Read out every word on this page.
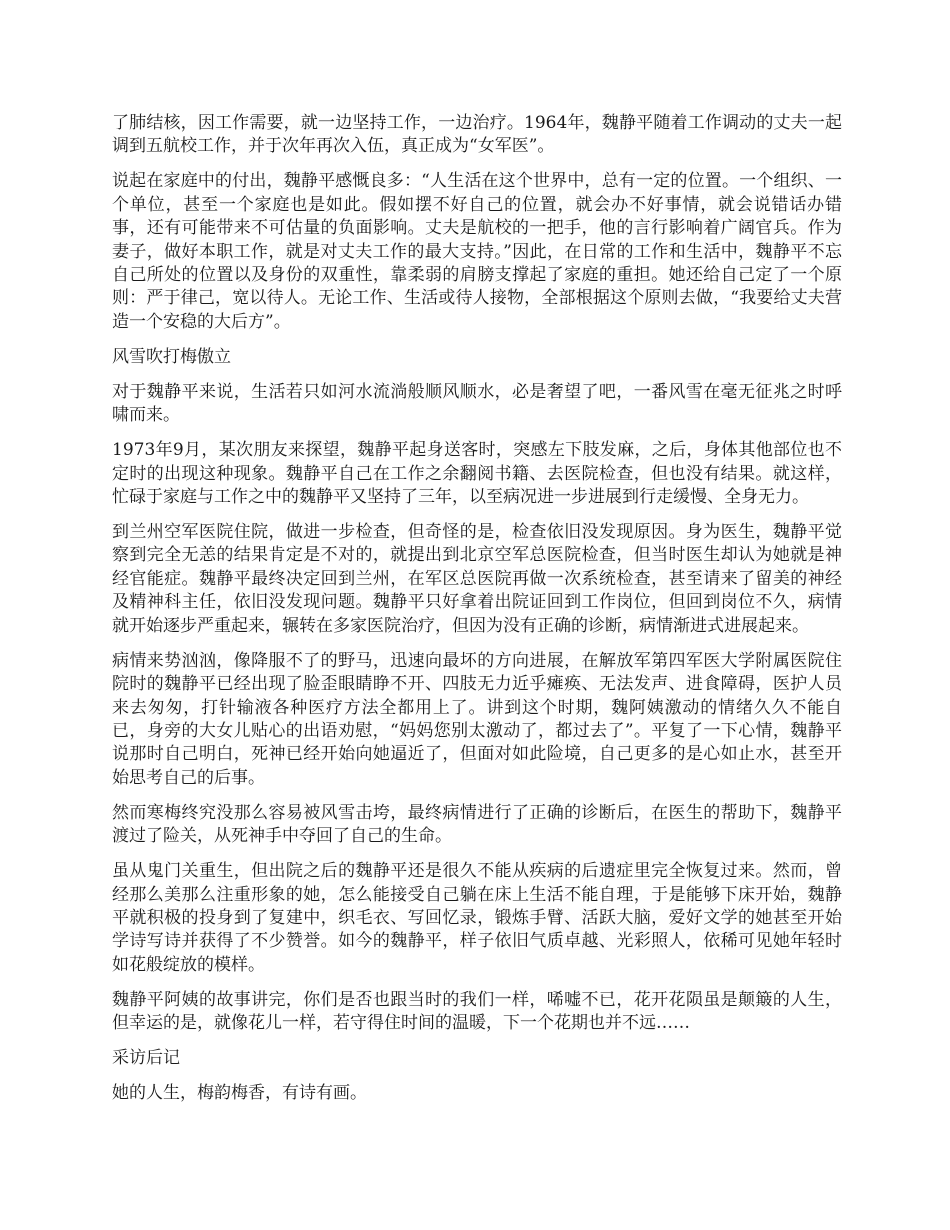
了肺结核，因工作需要，就一边坚持工作，一边治疗。1964年，魏静平随着工作调动的丈夫一起调到五航校工作，并于次年再次入伍，真正成为“女军医”。

说起在家庭中的付出，魏静平感慨良多：“人生活在这个世界中，总有一定的位置。一个组织、一个单位，甚至一个家庭也是如此。假如摆不好自己的位置，就会办不好事情，就会说错话办错事，还有可能带来不可估量的负面影响。丈夫是航校的一把手，他的言行影响着广阔官兵。作为妻子，做好本职工作，就是对丈夫工作的最大支持。”因此，在日常的工作和生活中，魏静平不忘自己所处的位置以及身份的双重性，靠柔弱的肩膀支撑起了家庭的重担。她还给自己定了一个原则：严于律己，宽以待人。无论工作、生活或待人接物，全部根据这个原则去做，“我要给丈夫营造一个安稳的大后方”。

风雪吹打梅傲立

对于魏静平来说，生活若只如河水流淌般顺风顺水，必是奢望了吧，一番风雪在毫无征兆之时呼啸而来。

1973年9月，某次朋友来探望，魏静平起身送客时，突感左下肢发麻，之后，身体其他部位也不定时的出现这种现象。魏静平自己在工作之余翻阅书籍、去医院检查，但也没有结果。就这样，忙碌于家庭与工作之中的魏静平又坚持了三年，以至病况进一步进展到行走缓慢、全身无力。

到兰州空军医院住院，做进一步检查，但奇怪的是，检查依旧没发现原因。身为医生，魏静平觉察到完全无恙的结果肯定是不对的，就提出到北京空军总医院检查，但当时医生却认为她就是神经官能症。魏静平最终决定回到兰州，在军区总医院再做一次系统检查，甚至请来了留美的神经及精神科主任，依旧没发现问题。魏静平只好拿着出院证回到工作岗位，但回到岗位不久，病情就开始逐步严重起来，辗转在多家医院治疗，但因为没有正确的诊断，病情渐进式进展起来。

病情来势汹汹，像降服不了的野马，迅速向最坏的方向进展，在解放军第四军医大学附属医院住院时的魏静平已经出现了脸歪眼睛睁不开、四肢无力近乎瘫痪、无法发声、进食障碍，医护人员来去匆匆，打针输液各种医疗方法全都用上了。讲到这个时期，魏阿姨激动的情绪久久不能自已，身旁的大女儿贴心的出语劝慰，“妈妈您别太激动了，都过去了”。平复了一下心情，魏静平说那时自己明白，死神已经开始向她逼近了，但面对如此险境，自己更多的是心如止水，甚至开始思考自己的后事。

然而寒梅终究没那么容易被风雪击垮，最终病情进行了正确的诊断后，在医生的帮助下，魏静平渡过了险关，从死神手中夺回了自己的生命。

虽从鬼门关重生，但出院之后的魏静平还是很久不能从疾病的后遗症里完全恢复过来。然而，曾经那么美那么注重形象的她，怎么能接受自己躺在床上生活不能自理，于是能够下床开始，魏静平就积极的投身到了复建中，织毛衣、写回忆录，锻炼手臂、活跃大脑，爱好文学的她甚至开始学诗写诗并获得了不少赞誉。如今的魏静平，样子依旧气质卓越、光彩照人，依稀可见她年轻时如花般绽放的模样。

魏静平阿姨的故事讲完，你们是否也跟当时的我们一样，唏嘘不已，花开花陨虽是颠簸的人生，但幸运的是，就像花儿一样，若守得住时间的温暖，下一个花期也并不远……

采访后记

她的人生，梅韵梅香，有诗有画。
